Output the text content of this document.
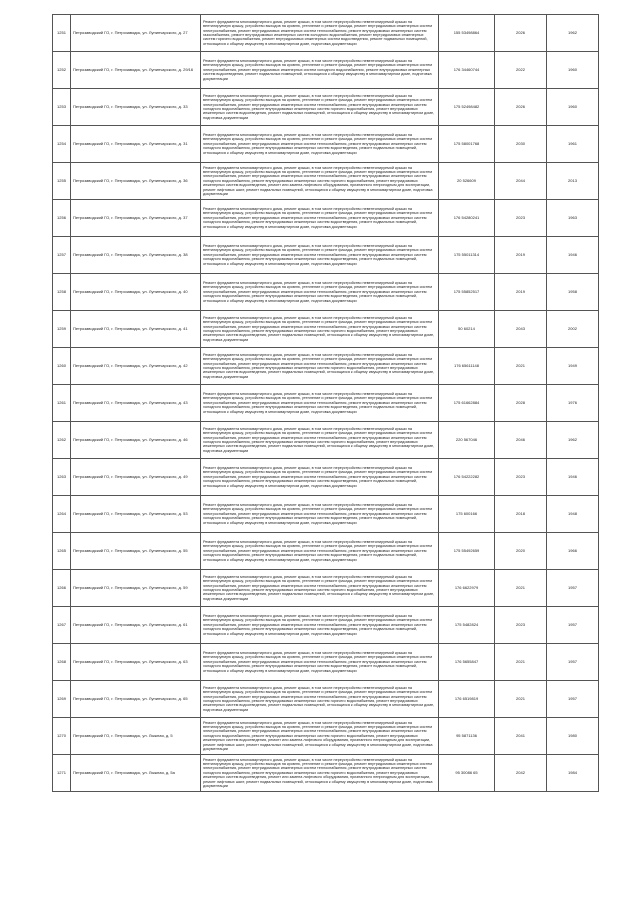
1251	Петрозаводский ГО, г. Петрозаводск, ул. Лунинчарского, д. 27	Ремонт фундамента многоквартирного дома, ремонт крыши, в том числе переустройство невентилируемой крыши на вентилируемую крышу, устройство выходов на кровлю, утепление и ремонт фасада, ремонт внутридомовых инженерных систем электроснабжения, ремонт внутридомовых инженерных систем теплоснабжения, ремонт внутридомовых инженерных систем газоснабжения, ремонт внутридомовых инженерных систем холодного водоснабжения, ремонт внутридомовых инженерных систем горячего водоснабжения, ремонт внутридомовых инженерных систем водоотведения, ремонт подвальных помещений, относящихся к общему имуществу в многоквартирном доме, подготовка документации	155 53498864	2026	1962
1252	Петрозаводский ГО, г. Петрозаводск, ул. Лунинчарского, д. 29/16	Ремонт фундамента многоквартирного дома, ремонт крыши, в том числе переустройство невентилируемой крыши на вентилируемую крышу, устройство выходов на кровлю, утепление и ремонт фасада, ремонт внутридомовых инженерных систем электроснабжения, ремонт внутридомовых инженерных систем холодного водоснабжения, ремонт внутридомовых инженерных систем водоотведения, ремонт подвальных помещений, относящихся к общему имуществу в многоквартирном доме, подготовка документации	176 34460744	2022	1960
1253	Петрозаводский ГО, г. Петрозаводск, ул. Лунинчарского, д. 33	Ремонт фундамента многоквартирного дома, ремонт крыши, в том числе переустройство невентилируемой крыши на вентилируемую крышу, устройство выходов на кровлю, утепление и ремонт фасада, ремонт внутридомовых инженерных систем электроснабжения, ремонт внутридомовых инженерных систем теплоснабжения, ремонт внутридомовых инженерных систем холодного водоснабжения, ремонт внутридомовых инженерных систем горячего водоснабжения, ремонт внутридомовых инженерных систем водоотведения, ремонт подвальных помещений, относящихся к общему имуществу в многоквартирном доме, подготовка документации	175 52498482	2026	1960
1254	Петрозаводский ГО, г. Петрозаводск, ул. Лунинчарского, д. 31	Ремонт фундамента многоквартирного дома, ремонт крыши, в том числе переустройство невентилируемой крыши на вентилируемую крышу, устройство выходов на кровлю, утепление и ремонт фасада, ремонт внутридомовых инженерных систем электроснабжения, ремонт внутридомовых инженерных систем теплоснабжения, ремонт внутридомовых инженерных систем холодного водоснабжения, ремонт внутридомовых инженерных систем водоотведения, ремонт подвальных помещений, относящихся к общему имуществу в многоквартирном доме, подготовка документации	175 58001768	2030	1961
1255	Петрозаводский ГО, г. Петрозаводск, ул. Лунинчарского, д. 36	Ремонт фундамента многоквартирного дома, ремонт крыши, в том числе переустройство невентилируемой крыши на вентилируемую крышу, устройство выходов на кровлю, утепление и ремонт фасада, ремонт внутридомовых инженерных систем электроснабжения, ремонт внутридомовых инженерных систем теплоснабжения, ремонт внутридомовых инженерных систем холодного водоснабжения, ремонт внутридомовых инженерных систем горячего водоснабжения, ремонт внутридомовых инженерных систем водоотведения, ремонт или замена лифтового оборудования, признанного непригодным для эксплуатации, ремонт лифтовых шахт, ремонт подвальных помещений, относящихся к общему имуществу в многоквартирном доме, подготовка документации	20 526609	2044	2013
1256	Петрозаводский ГО, г. Петрозаводск, ул. Лунинчарского, д. 37	Ремонт фундамента многоквартирного дома, ремонт крыши, в том числе переустройство невентилируемой крыши на вентилируемую крышу, устройство выходов на кровлю, утепление и ремонт фасада, ремонт внутридомовых инженерных систем электроснабжения, ремонт внутридомовых инженерных систем теплоснабжения, ремонт внутридомовых инженерных систем холодного водоснабжения, ремонт внутридомовых инженерных систем водоотведения, ремонт подвальных помещений, относящихся к общему имуществу в многоквартирном доме, подготовка документации	176 54280241	2023	1963
1257	Петрозаводский ГО, г. Петрозаводск, ул. Лунинчарского, д. 38	Ремонт фундамента многоквартирного дома, ремонт крыши, в том числе переустройство невентилируемой крыши на вентилируемую крышу, устройство выходов на кровлю, утепление и ремонт фасада, ремонт внутридомовых инженерных систем электроснабжения, ремонт внутридомовых инженерных систем теплоснабжения, ремонт внутридомовых инженерных систем холодного водоснабжения, ремонт внутридомовых инженерных систем водоотведения, ремонт подвальных помещений, относящихся к общему имуществу в многоквартирном доме, подготовка документации	175 55011314	2019	1946
1258	Петрозаводский ГО, г. Петрозаводск, ул. Лунинчарского, д. 40	Ремонт фундамента многоквартирного дома, ремонт крыши, в том числе переустройство невентилируемой крыши на вентилируемую крышу, устройство выходов на кровлю, утепление и ремонт фасада, ремонт внутридомовых инженерных систем электроснабжения, ремонт внутридомовых инженерных систем теплоснабжения, ремонт внутридомовых инженерных систем холодного водоснабжения, ремонт внутридомовых инженерных систем водоотведения, ремонт подвальных помещений, относящихся к общему имуществу в многоквартирном доме, подготовка документации	175 55852517	2019	1958
1259	Петрозаводский ГО, г. Петрозаводск, ул. Лунинчарского, д. 41	Ремонт фундамента многоквартирного дома, ремонт крыши, в том числе переустройство невентилируемой крыши на вентилируемую крышу, устройство выходов на кровлю, утепление и ремонт фасада, ремонт внутридомовых инженерных систем электроснабжения, ремонт внутридомовых инженерных систем теплоснабжения, ремонт внутридомовых инженерных систем холодного водоснабжения, ремонт внутридомовых инженерных систем горячего водоснабжения, ремонт внутридомовых инженерных систем водоотведения, ремонт подвальных помещений, относящихся к общему имуществу в многоквартирном доме, подготовка документации	50 60214	2043	2002
1260	Петрозаводский ГО, г. Петрозаводск, ул. Лунинчарского, д. 42	Ремонт фундамента многоквартирного дома, ремонт крыши, в том числе переустройство невентилируемой крыши на вентилируемую крышу, устройство выходов на кровлю, утепление и ремонт фасада, ремонт внутридомовых инженерных систем электроснабжения, ремонт внутридомовых инженерных систем теплоснабжения, ремонт внутридомовых инженерных систем холодного водоснабжения, ремонт внутридомовых инженерных систем горячего водоснабжения, ремонт внутридомовых инженерных систем водоотведения, ремонт подвальных помещений, относящихся к общему имуществу в многоквартирном доме, подготовка документации	176 65611148	2021	1949
1261	Петрозаводский ГО, г. Петрозаводск, ул. Лунинчарского, д. 43	Ремонт фундамента многоквартирного дома, ремонт крыши, в том числе переустройство невентилируемой крыши на вентилируемую крышу, устройство выходов на кровлю, утепление и ремонт фасада, ремонт внутридомовых инженерных систем электроснабжения, ремонт внутридомовых инженерных систем теплоснабжения, ремонт внутридомовых инженерных систем холодного водоснабжения, ремонт внутридомовых инженерных систем водоотведения, ремонт подвальных помещений, относящихся к общему имуществу в многоквартирном доме, подготовка документации	175 61662884	2028	1976
1262	Петрозаводский ГО, г. Петрозаводск, ул. Лунинчарского, д. 46	Ремонт фундамента многоквартирного дома, ремонт крыши, в том числе переустройство невентилируемой крыши на вентилируемую крышу, устройство выходов на кровлю, утепление и ремонт фасада, ремонт внутридомовых инженерных систем электроснабжения, ремонт внутридомовых инженерных систем теплоснабжения, ремонт внутридомовых инженерных систем холодного водоснабжения, ремонт внутридомовых инженерных систем горячего водоснабжения, ремонт внутридомовых инженерных систем водоотведения, ремонт подвальных помещений, относящихся к общему имуществу в многоквартирном доме, подготовка документации	220 567046	2046	1962
1263	Петрозаводский ГО, г. Петрозаводск, ул. Лунинчарского, д. 49	Ремонт фундамента многоквартирного дома, ремонт крыши, в том числе переустройство невентилируемой крыши на вентилируемую крышу, устройство выходов на кровлю, утепление и ремонт фасада, ремонт внутридомовых инженерных систем электроснабжения, ремонт внутридомовых инженерных систем теплоснабжения, ремонт внутридомовых инженерных систем холодного водоснабжения, ремонт внутридомовых инженерных систем водоотведения, ремонт подвальных помещений, относящихся к общему имуществу в многоквартирном доме, подготовка документации	176 54222282	2023	1946
1264	Петрозаводский ГО, г. Петрозаводск, ул. Лунинчарского, д. 53	Ремонт фундамента многоквартирного дома, ремонт крыши, в том числе переустройство невентилируемой крыши на вентилируемую крышу, устройство выходов на кровлю, утепление и ремонт фасада, ремонт внутридомовых инженерных систем электроснабжения, ремонт внутридомовых инженерных систем теплоснабжения, ремонт внутридомовых инженерных систем холодного водоснабжения, ремонт внутридомовых инженерных систем водоотведения, ремонт подвальных помещений, относящихся к общему имуществу в многоквартирном доме, подготовка документации	175 600166	2018	1948
1265	Петрозаводский ГО, г. Петрозаводск, ул. Лунинчарского, д. 55	Ремонт фундамента многоквартирного дома, ремонт крыши, в том числе переустройство невентилируемой крыши на вентилируемую крышу, устройство выходов на кровлю, утепление и ремонт фасада, ремонт внутридомовых инженерных систем электроснабжения, ремонт внутридомовых инженерных систем теплоснабжения, ремонт внутридомовых инженерных систем холодного водоснабжения, ремонт внутридомовых инженерных систем водоотведения, ремонт подвальных помещений, относящихся к общему имуществу в многоквартирном доме, подготовка документации	175 55492659	2020	1966
1266	Петрозаводский ГО, г. Петрозаводск, ул. Лунинчарского, д. 59	Ремонт фундамента многоквартирного дома, ремонт крыши, в том числе переустройство невентилируемой крыши на вентилируемую крышу, устройство выходов на кровлю, утепление и ремонт фасада, ремонт внутридомовых инженерных систем электроснабжения, ремонт внутридомовых инженерных систем теплоснабжения, ремонт внутридомовых инженерных систем холодного водоснабжения, ремонт внутридомовых инженерных систем горячего водоснабжения, ремонт внутридомовых инженерных систем водоотведения, ремонт подвальных помещений, относящихся к общему имуществу в многоквартирном доме, подготовка документации	176 6622979	2021	1957
1267	Петрозаводский ГО, г. Петрозаводск, ул. Лунинчарского, д. 61	Ремонт фундамента многоквартирного дома, ремонт крыши, в том числе переустройство невентилируемой крыши на вентилируемую крышу, устройство выходов на кровлю, утепление и ремонт фасада, ремонт внутридомовых инженерных систем электроснабжения, ремонт внутридомовых инженерных систем теплоснабжения, ремонт внутридомовых инженерных систем холодного водоснабжения, ремонт внутридомовых инженерных систем водоотведения, ремонт подвальных помещений, относящихся к общему имуществу в многоквартирном доме, подготовка документации	175 5482824	2023	1957
1268	Петрозаводский ГО, г. Петрозаводск, ул. Лунинчарского, д. 63	Ремонт фундамента многоквартирного дома, ремонт крыши, в том числе переустройство невентилируемой крыши на вентилируемую крышу, устройство выходов на кровлю, утепление и ремонт фасада, ремонт внутридомовых инженерных систем электроснабжения, ремонт внутридомовых инженерных систем теплоснабжения, ремонт внутридомовых инженерных систем холодного водоснабжения, ремонт внутридомовых инженерных систем водоотведения, ремонт подвальных помещений, относящихся к общему имуществу в многоквартирном доме, подготовка документации	176 5655847	2021	1957
1269	Петрозаводский ГО, г. Петрозаводск, ул. Лунинчарского, д. 65	Ремонт фундамента многоквартирного дома, ремонт крыши, в том числе переустройство невентилируемой крыши на вентилируемую крышу, устройство выходов на кровлю, утепление и ремонт фасада, ремонт внутридомовых инженерных систем электроснабжения, ремонт внутридомовых инженерных систем теплоснабжения, ремонт внутридомовых инженерных систем холодного водоснабжения, ремонт внутридомовых инженерных систем горячего водоснабжения, ремонт внутридомовых инженерных систем водоотведения, ремонт подвальных помещений, относящихся к общему имуществу в многоквартирном доме, подготовка документации	176 6519819	2021	1957
1270	Петрозаводский ГО, г. Петрозаводск, ул. Лыжная, д. 5	Ремонт фундамента многоквартирного дома, ремонт крыши, в том числе переустройство невентилируемой крыши на вентилируемую крышу, устройство выходов на кровлю, утепление и ремонт фасада, ремонт внутридомовых инженерных систем электроснабжения, ремонт внутридомовых инженерных систем теплоснабжения, ремонт внутридомовых инженерных систем холодного водоснабжения, ремонт внутридомовых инженерных систем горячего водоснабжения, ремонт внутридомовых инженерных систем водоотведения, ремонт или замена лифтового оборудования, признанного непригодным для эксплуатации, ремонт лифтовых шахт, ремонт подвальных помещений, относящихся к общему имуществу в многоквартирном доме, подготовка документации	95 5871136	2041	1980
1271	Петрозаводский ГО, г. Петрозаводск, ул. Лыжная, д. 5а	Ремонт фундамента многоквартирного дома, ремонт крыши, в том числе переустройство невентилируемой крыши на вентилируемую крышу, устройство выходов на кровлю, утепление и ремонт фасада, ремонт внутридомовых инженерных систем электроснабжения, ремонт внутридомовых инженерных систем теплоснабжения, ремонт внутридомовых инженерных систем холодного водоснабжения, ремонт внутридомовых инженерных систем горячего водоснабжения, ремонт внутридомовых инженерных систем водоотведения, ремонт или замена лифтового оборудования, признанного непригодным для эксплуатации, ремонт лифтовых шахт, ремонт подвальных помещений, относящихся к общему имуществу в многоквартирном доме, подготовка документации	95 30086 65	2042	1984
